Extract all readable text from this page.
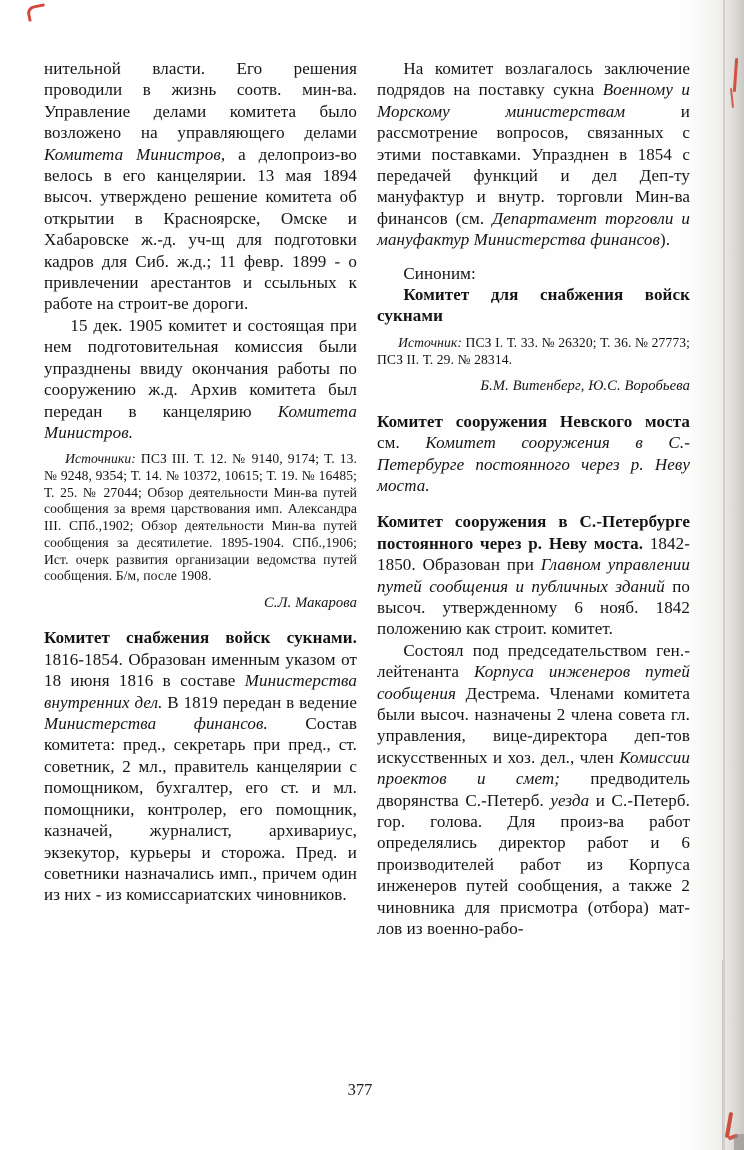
нительной власти. Его решения проводили в жизнь соотв. мин-ва. Управление делами комитета было возложено на управляющего делами Комитета Министров, а делопроиз-во велось в его канцелярии. 13 мая 1894 высоч. утверждено решение комитета об открытии в Красноярске, Омске и Хабаровске ж.-д. уч-щ для подготовки кадров для Сиб. ж.д.; 11 февр. 1899 - о привлечении арестантов и ссыльных к работе на строит-ве дороги.

15 дек. 1905 комитет и состоящая при нем подготовительная комиссия были упразднены ввиду окончания работы по сооружению ж.д. Архив комитета был передан в канцелярию Комитета Министров.

Источники: ПСЗ III. Т. 12. № 9140, 9174; Т. 13. № 9248, 9354; Т. 14. № 10372, 10615; Т. 19. № 16485; Т. 25. № 27044; Обзор деятельности Мин-ва путей сообщения за время царствования имп. Александра III. СПб.,1902; Обзор деятельности Мин-ва путей сообщения за десятилетие. 1895-1904. СПб.,1906; Ист. очерк развития организации ведомства путей сообщения. Б/м, после 1908.

С.Л. Макарова

Комитет снабжения войск сукнами. 1816-1854. Образован именным указом от 18 июня 1816 в составе Министерства внутренних дел. В 1819 передан в ведение Министерства финансов. Состав комитета: пред., секретарь при пред., ст. советник, 2 мл., правитель канцелярии с помощником, бухгалтер, его ст. и мл. помощники, контролер, его помощник, казначей, журналист, архивариус, экзекутор, курьеры и сторожа. Пред. и советники назначались имп., причем один из них - из комиссариатских чиновников.

На комитет возлагалось заключение подрядов на поставку сукна Военному и Морскому министерствам и рассмотрение вопросов, связанных с этими поставками. Упразднен в 1854 с передачей функций и дел Деп-ту мануфактур и внутр. торговли Мин-ва финансов (см. Департамент торговли и мануфактур Министерства финансов).

Синоним:

Комитет для снабжения войск сукнами

Источник: ПСЗ I. Т. 33. № 26320; Т. 36. № 27773; ПСЗ II. Т. 29. № 28314.

Б.М. Витенберг, Ю.С. Воробьева

Комитет сооружения Невского моста см. Комитет сооружения в С.-Петербурге постоянного через р. Неву моста.

Комитет сооружения в С.-Петербурге постоянного через р. Неву моста. 1842-1850. Образован при Главном управлении путей сообщения и публичных зданий по высоч. утвержденному 6 нояб. 1842 положению как строит. комитет.

Состоял под председательством ген.-лейтенанта Корпуса инженеров путей сообщения Дестрема. Членами комитета были высоч. назначены 2 члена совета гл. управления, вице-директора деп-тов искусственных и хоз. дел., член Комиссии проектов и смет; предводитель дворянства С.-Петерб. уезда и С.-Петерб. гор. голова. Для произ-ва работ определялись директор работ и 6 производителей работ из Корпуса инженеров путей сообщения, а также 2 чиновника для присмотра (отбора) мат-лов из военно-рабо-

377
